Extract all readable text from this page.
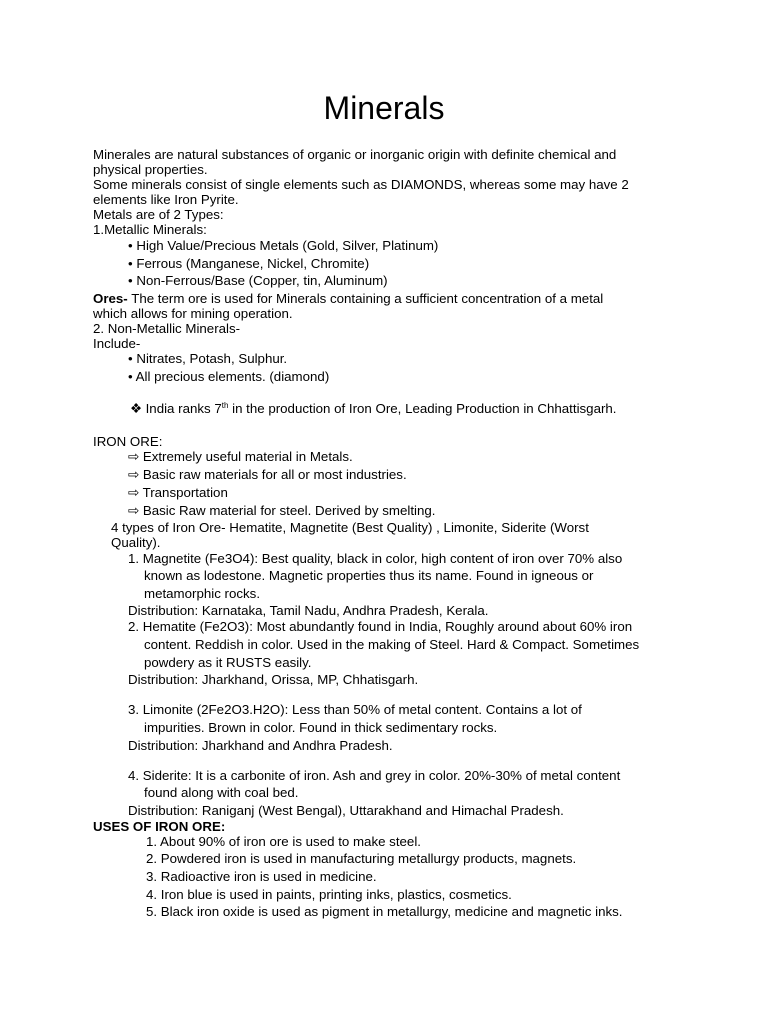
Minerals
Minerales are natural substances of organic or inorganic origin with definite chemical and
physical properties.
Some minerals consist of single elements such as DIAMONDS, whereas some may have 2
elements like Iron Pyrite.
Metals are of 2 Types:
1.Metallic Minerals:
• High Value/Precious Metals (Gold, Silver, Platinum)
• Ferrous (Manganese, Nickel, Chromite)
• Non-Ferrous/Base (Copper, tin, Aluminum)
Ores- The term ore is used for Minerals containing a sufficient concentration of a metal
which allows for mining operation.
2. Non-Metallic Minerals-
Include-
• Nitrates, Potash, Sulphur.
• All precious elements. (diamond)
❖ India ranks 7th in the production of Iron Ore, Leading Production in Chhattisgarh.
IRON ORE:
⇨ Extremely useful material in Metals.
⇨ Basic raw materials for all or most industries.
⇨ Transportation
⇨ Basic Raw material for steel. Derived by smelting.
4 types of Iron Ore- Hematite, Magnetite (Best Quality) , Limonite, Siderite (Worst
Quality).
1. Magnetite (Fe3O4): Best quality, black in color, high content of iron over 70% also
known as lodestone. Magnetic properties thus its name. Found in igneous or
metamorphic rocks.
Distribution: Karnataka, Tamil Nadu, Andhra Pradesh, Kerala.
2. Hematite (Fe2O3): Most abundantly found in India, Roughly around about 60% iron
content. Reddish in color. Used in the making of Steel. Hard & Compact. Sometimes
powdery as it RUSTS easily.
Distribution: Jharkhand, Orissa, MP, Chhatisgarh.
3. Limonite (2Fe2O3.H2O): Less than 50% of metal content. Contains a lot of
impurities. Brown in color. Found in thick sedimentary rocks.
Distribution: Jharkhand and Andhra Pradesh.
4. Siderite: It is a carbonite of iron. Ash and grey in color. 20%-30% of metal content
found along with coal bed.
Distribution: Raniganj (West Bengal), Uttarakhand and Himachal Pradesh.
USES OF IRON ORE:
1. About 90% of iron ore is used to make steel.
2. Powdered iron is used in manufacturing metallurgy products, magnets.
3. Radioactive iron is used in medicine.
4. Iron blue is used in paints, printing inks, plastics, cosmetics.
5. Black iron oxide is used as pigment in metallurgy, medicine and magnetic inks.
